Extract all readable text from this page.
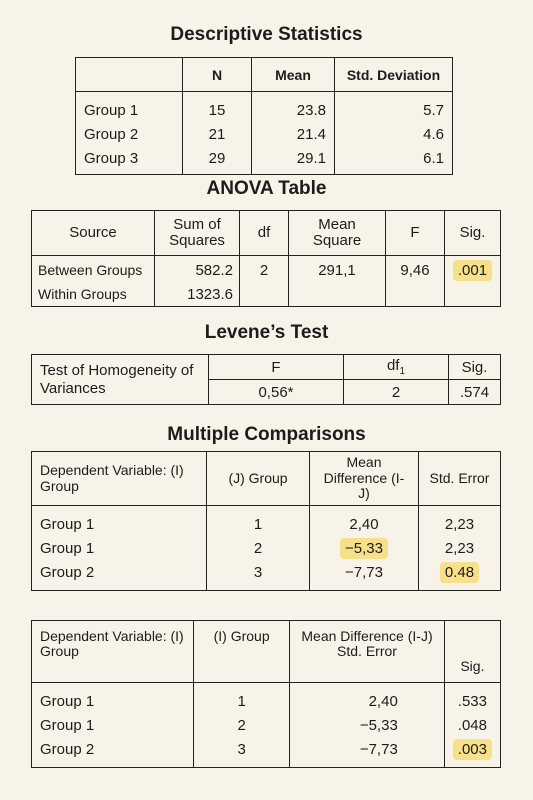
Descriptive Statistics
	N	Mean	Std. Deviation
Group 1	15	23.8	5.7
Group 2	21	21.4	4.6
Group 3	29	29.1	6.1
ANOVA Table
Source	Sum of Squares	df	Mean Square	F	Sig.
Between Groups	582.2	2	291,1	9,46	.001
Within Groups	1323.6				
Levene’s Test
Test of Homogeneity of Variances	F	$df_1$	Sig.
	0,56*	2	.574
Multiple Comparisons
Dependent Variable: (I) Group	(J) Group	Mean Difference (I-J)	Std. Error
Group 1	1	2,40	2,23
Group 1	2	−5,33	2,23
Group 2	3	−7,73	0.48
Dependent Variable: (I) Group	(I) Group	Mean Difference (I-J) Std. Error	Sig.
Group 1	1	2,40	.533
Group 1	2	−5,33	.048
Group 2	3	−7,73	.003
